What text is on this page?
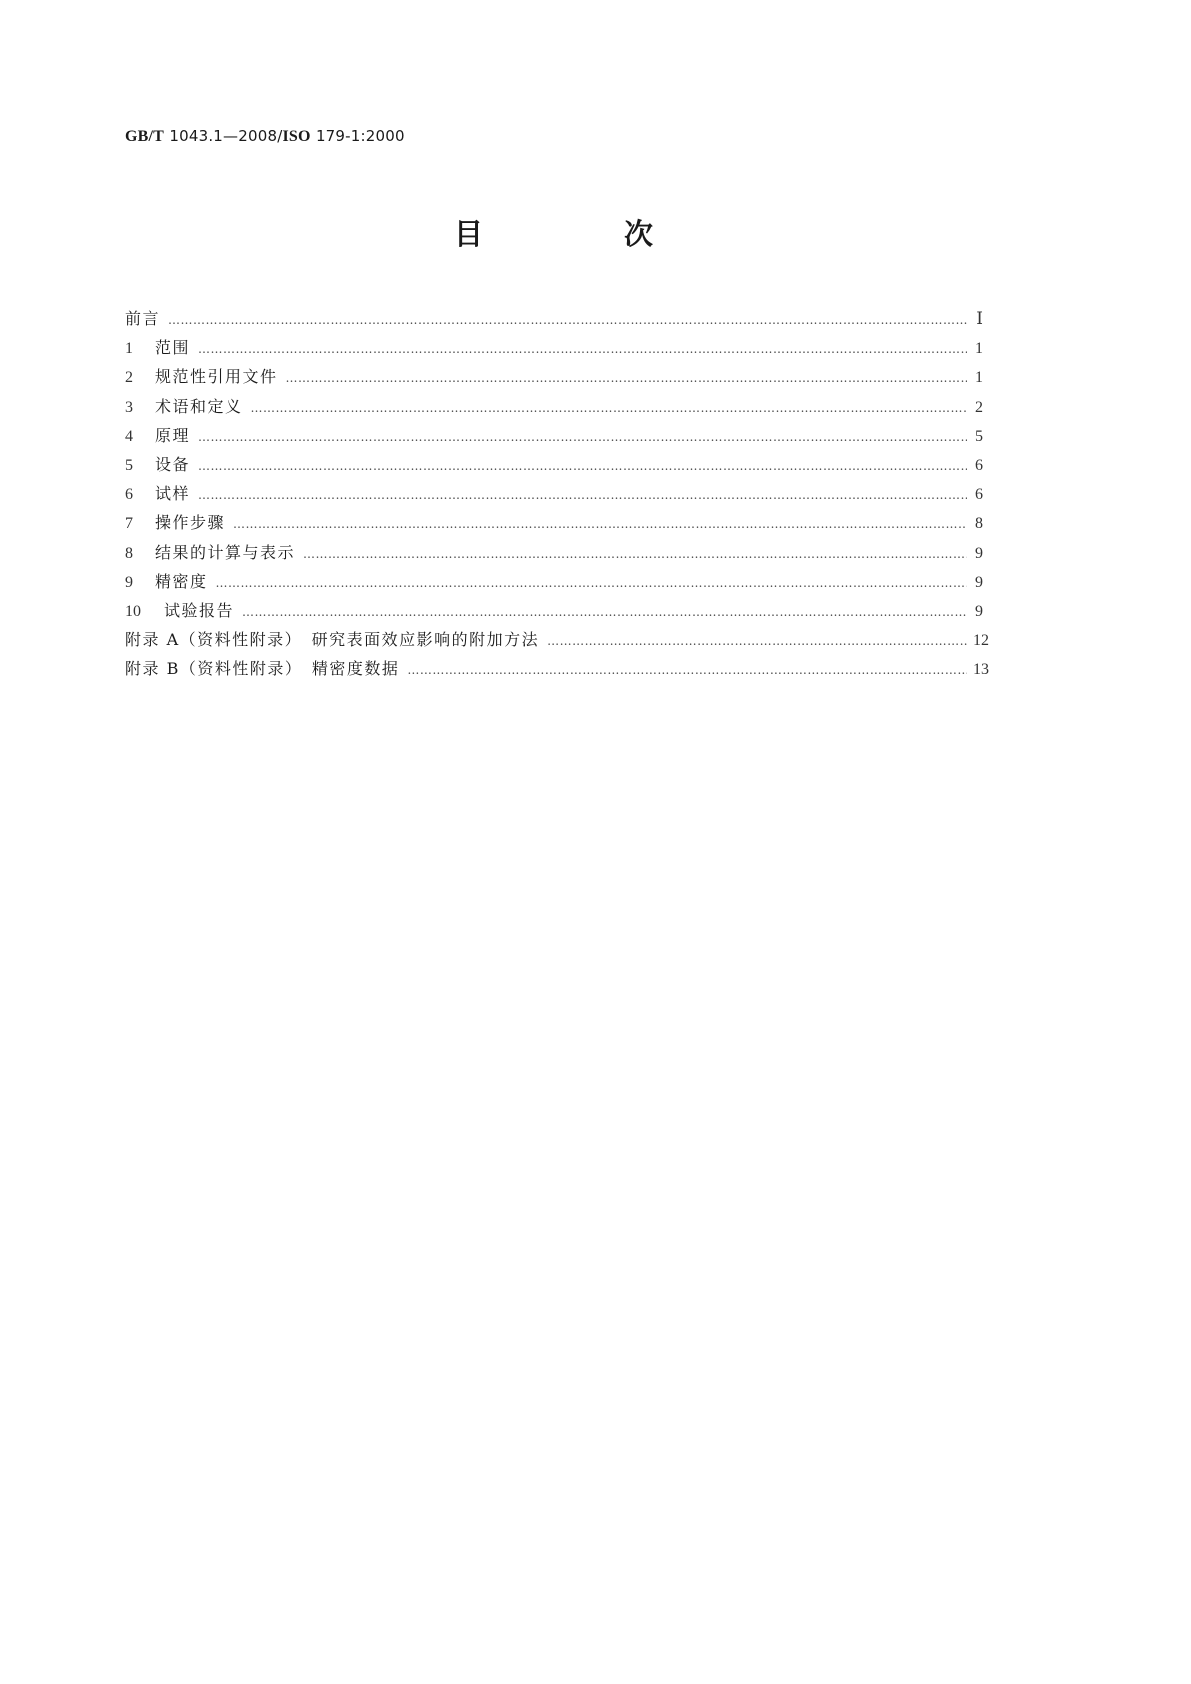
GB/T 1043.1—2008/ISO 179-1:2000
目　次
前言 ……………………………………………………………………………………………………………………………………………………………………………………………………………………………………………	Ⅰ
1	范围 ……………………………………………………………………………………………………………………………………………………………………………………………………………………………………………	1
2	规范性引用文件 ……………………………………………………………………………………………………………………………………………………………………………………………………………………………………………	1
3	术语和定义 ……………………………………………………………………………………………………………………………………………………………………………………………………………………………………………	2
4	原理 ……………………………………………………………………………………………………………………………………………………………………………………………………………………………………………	5
5	设备 ……………………………………………………………………………………………………………………………………………………………………………………………………………………………………………	6
6	试样 ……………………………………………………………………………………………………………………………………………………………………………………………………………………………………………	6
7	操作步骤 ……………………………………………………………………………………………………………………………………………………………………………………………………………………………………………	8
8	结果的计算与表示 ……………………………………………………………………………………………………………………………………………………………………………………………………………………………………………	9
9	精密度 ……………………………………………………………………………………………………………………………………………………………………………………………………………………………………………	9
10	试验报告 ……………………………………………………………………………………………………………………………………………………………………………………………………………………………………………	9
附录 A（资料性附录）　研究表面效应影响的附加方法 ……………………………………………………………………………………………………………………………………………………………………………………………………………………………………………	12
附录 B（资料性附录）　精密度数据 ……………………………………………………………………………………………………………………………………………………………………………………………………………………………………………	13
